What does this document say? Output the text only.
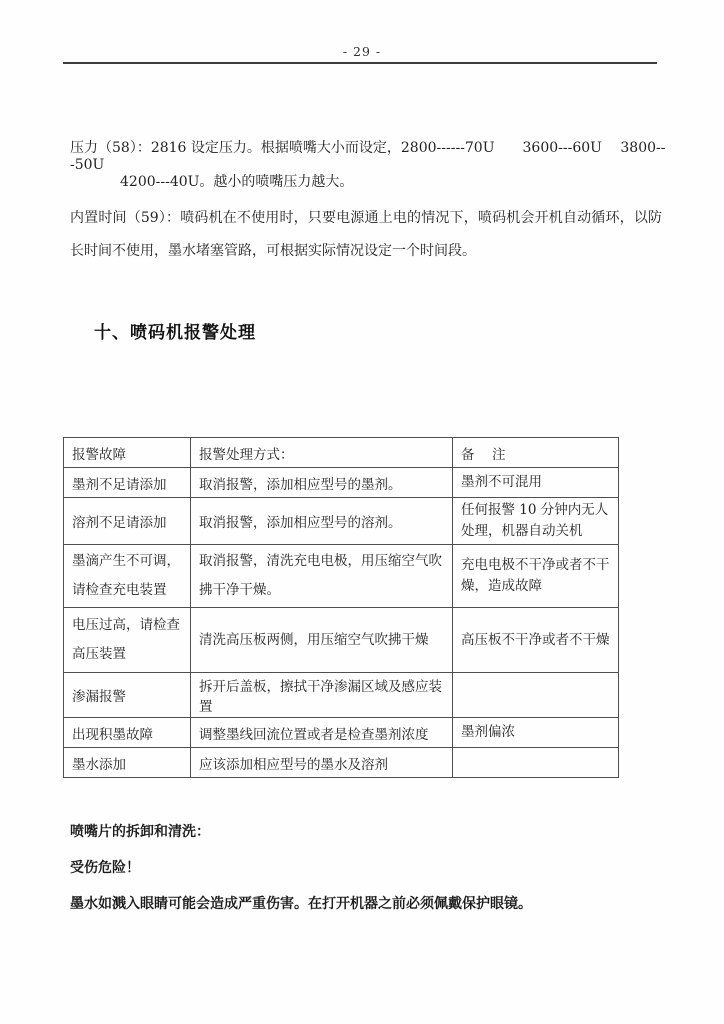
- 29 -
压力（58）：2816 设定压力。根据喷嘴大小而设定，2800------70U　　3600---60U　 3800---50U
4200---40U。越小的喷嘴压力越大。
内置时间（59）：喷码机在不使用时，只要电源通上电的情况下，喷码机会开机自动循环，以防长时间不使用，墨水堵塞管路，可根据实际情况设定一个时间段。
十、喷码机报警处理
报警故障	报警处理方式：	备　注
墨剂不足请添加	取消报警，添加相应型号的墨剂。	墨剂不可混用
溶剂不足请添加	取消报警，添加相应型号的溶剂。	任何报警 10 分钟内无人处理，机器自动关机
墨滴产生不可调，请检查充电装置	取消报警，清洗充电电极，用压缩空气吹拂干净干燥。	充电电极不干净或者不干燥，造成故障
电压过高，请检查高压装置	清洗高压板两侧，用压缩空气吹拂干燥	高压板不干净或者不干燥
渗漏报警	拆开后盖板，擦拭干净渗漏区域及感应装置	
出现积墨故障	调整墨线回流位置或者是检查墨剂浓度	墨剂偏浓
墨水添加	应该添加相应型号的墨水及溶剂	
喷嘴片的拆卸和清洗：
受伤危险！
墨水如溅入眼睛可能会造成严重伤害。在打开机器之前必须佩戴保护眼镜。
